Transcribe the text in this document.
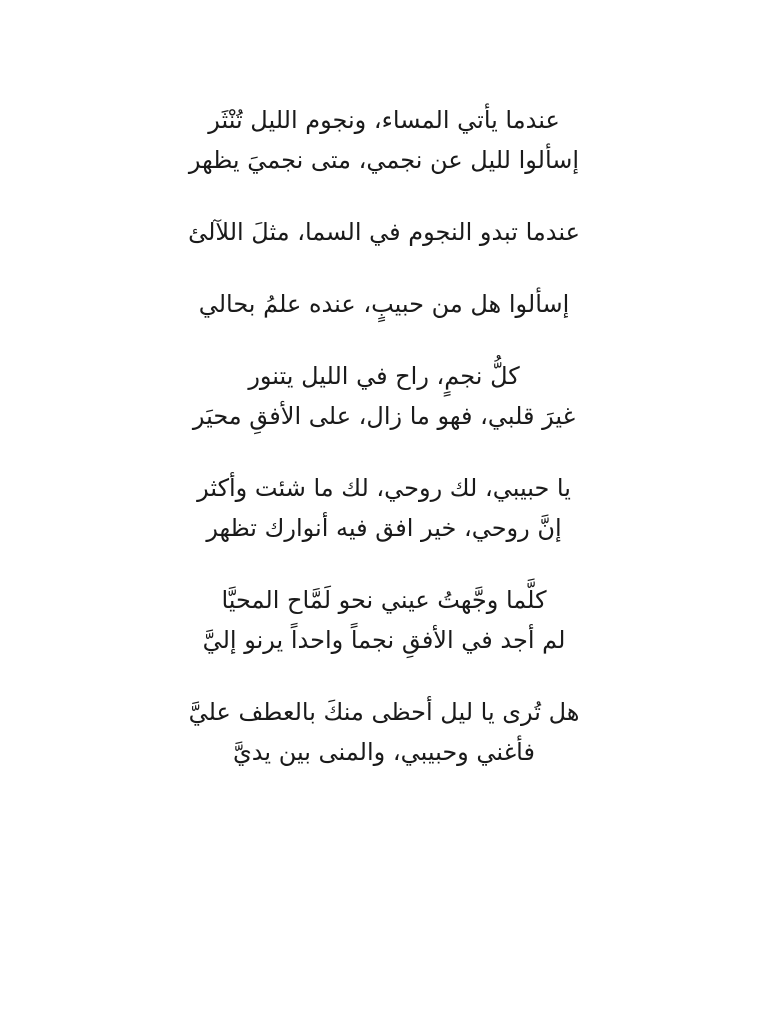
عندما يأتي المساء، ونجوم الليل تُنْثَر
إسألوا لليل عن نجمي، متى نجميَ يظهر
عندما تبدو النجوم في السما، مثلَ اللآلئ
إسألوا هل من حبيبٍ، عنده علمُ بحالي
كلُّ نجمٍ، راح في الليل يتنور
غيرَ قلبي، فهو ما زال، على الأفقِ محيَر
يا حبيبي، لك روحي، لك ما شئت وأكثر
إنَّ روحي، خير افق فيه أنوارك تظهر
كلَّما وجَّهتُ عيني نحو لَمَّاح المحيَّا
لم أجد في الأفقِ نجماً واحداً يرنو إليَّ
هل تُرى يا ليل أحظى منكَ بالعطف عليَّ
فأغني وحبيبي، والمنى بين يديَّ
